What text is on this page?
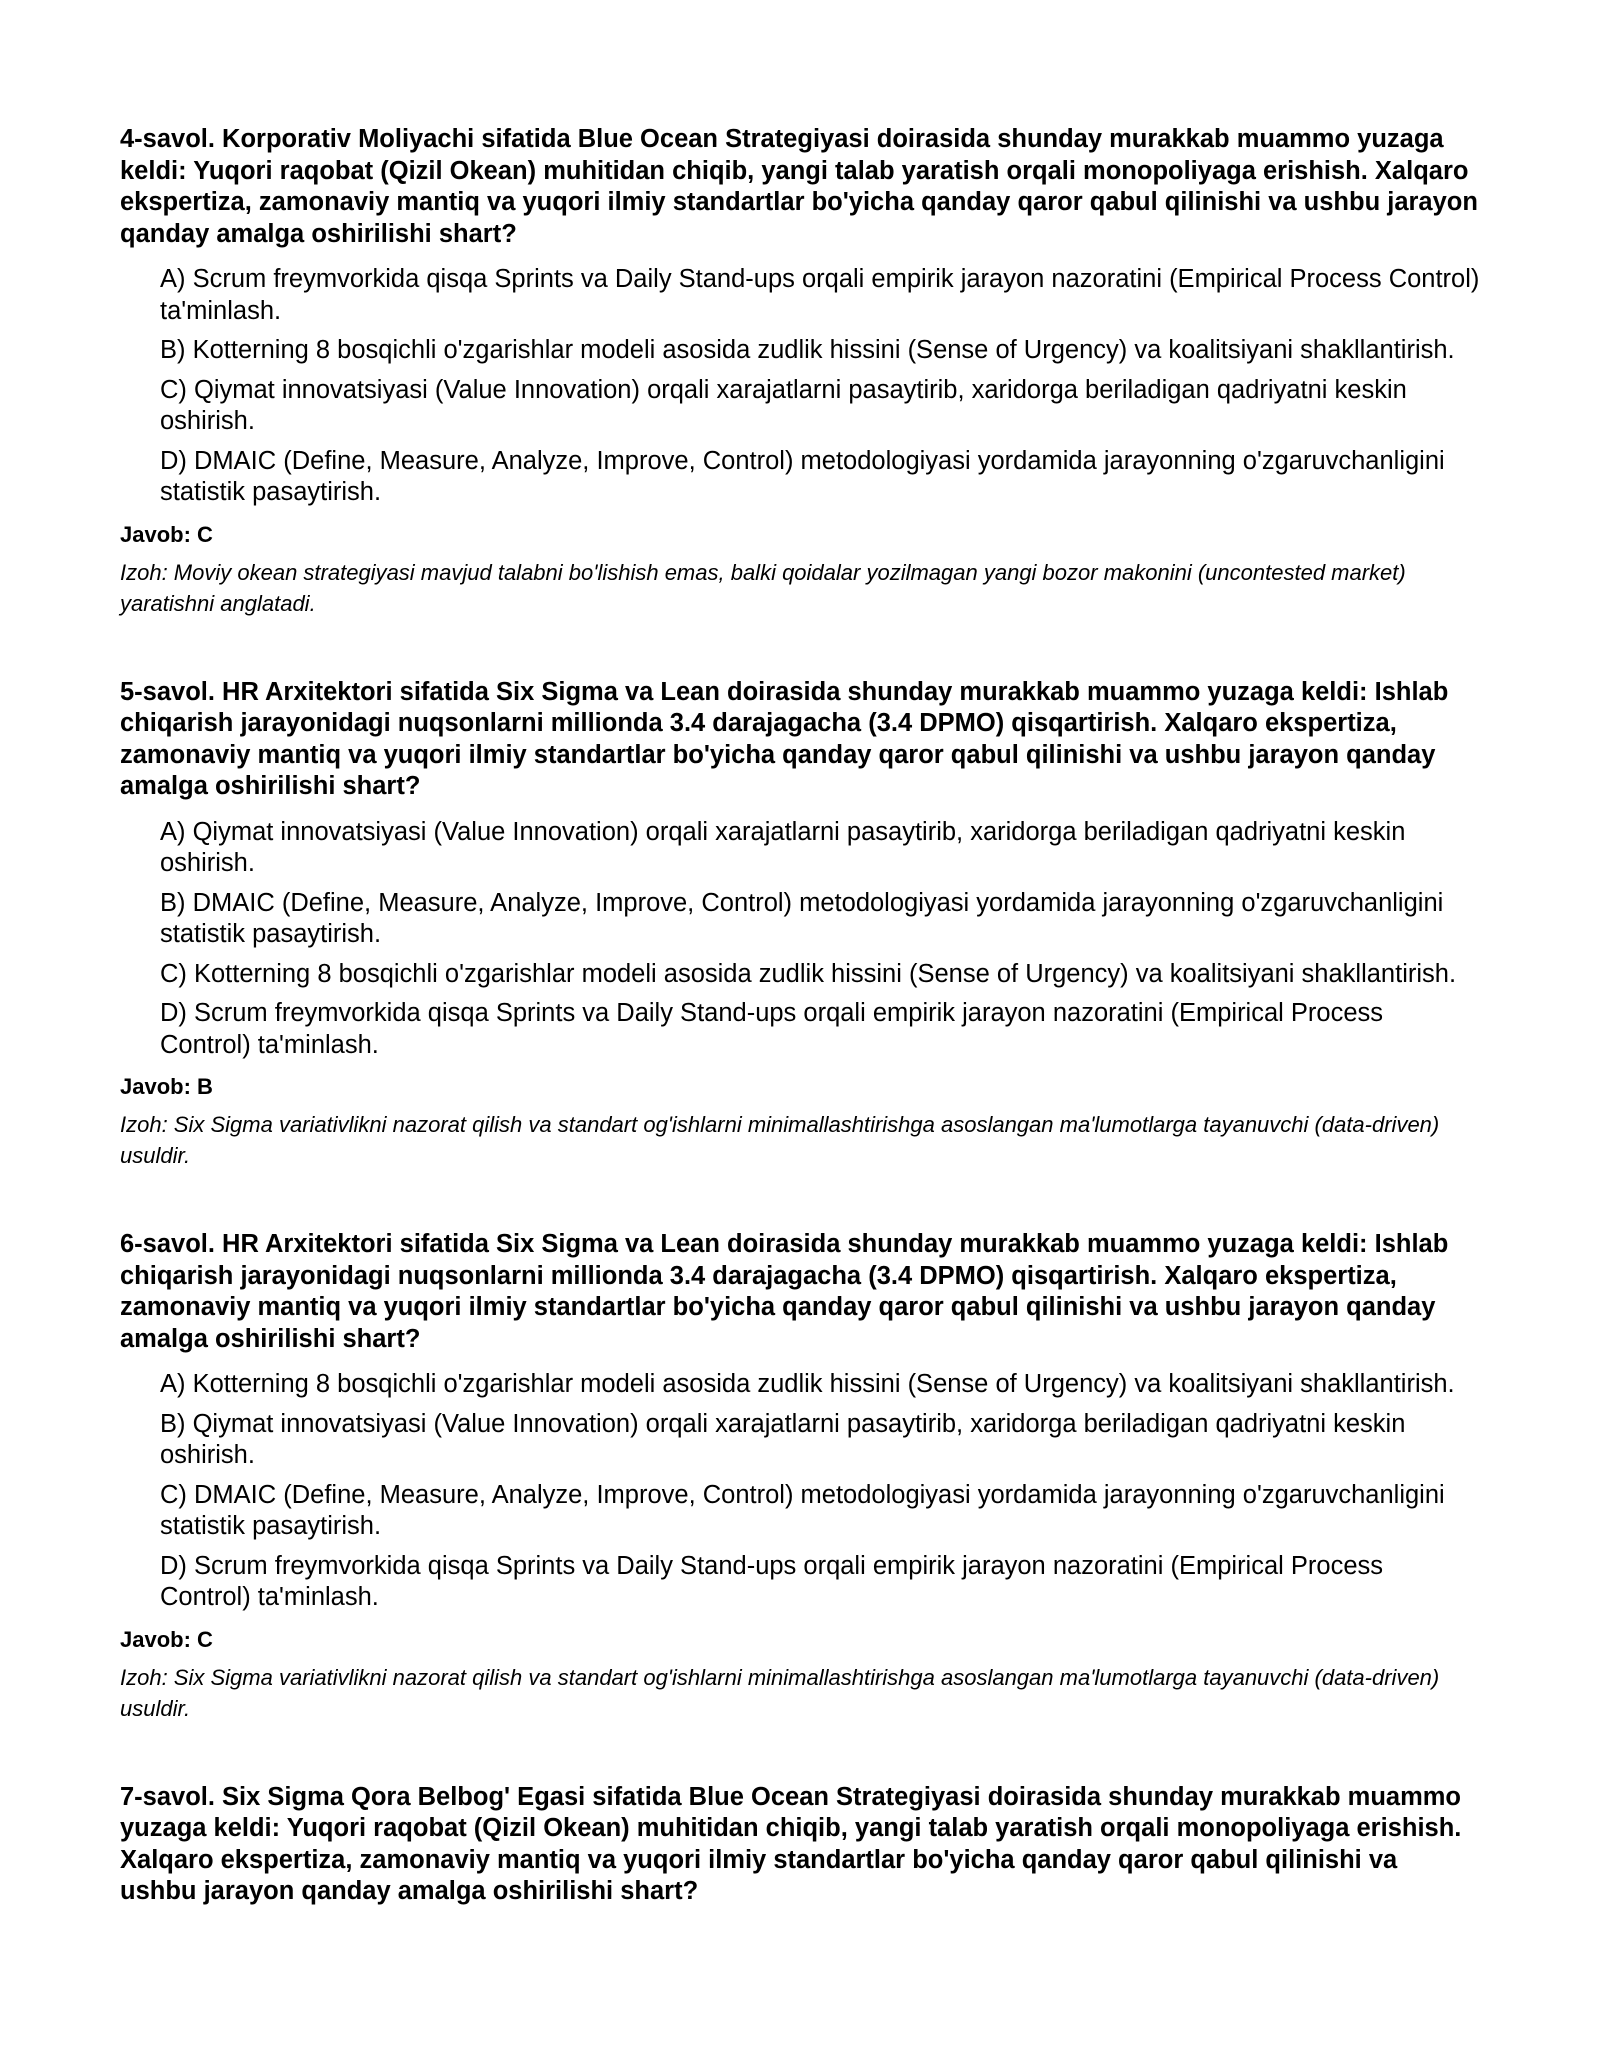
4-savol. Korporativ Moliyachi sifatida Blue Ocean Strategiyasi doirasida shunday murakkab muammo yuzaga keldi: Yuqori raqobat (Qizil Okean) muhitidan chiqib, yangi talab yaratish orqali monopoliyaga erishish. Xalqaro ekspertiza, zamonaviy mantiq va yuqori ilmiy standartlar bo'yicha qanday qaror qabul qilinishi va ushbu jarayon qanday amalga oshirilishi shart?

A) Scrum freymvorkida qisqa Sprints va Daily Stand-ups orqali empirik jarayon nazoratini (Empirical Process Control) ta'minlash.
B) Kotterning 8 bosqichli o'zgarishlar modeli asosida zudlik hissini (Sense of Urgency) va koalitsiyani shakllantirish.
C) Qiymat innovatsiyasi (Value Innovation) orqali xarajatlarni pasaytirib, xaridorga beriladigan qadriyatni keskin oshirish.
D) DMAIC (Define, Measure, Analyze, Improve, Control) metodologiyasi yordamida jarayonning o'zgaruvchanligini statistik pasaytirish.

Javob: C

Izoh: Moviy okean strategiyasi mavjud talabni bo'lishish emas, balki qoidalar yozilmagan yangi bozor makonini (uncontested market) yaratishni anglatadi.

5-savol. HR Arxitektori sifatida Six Sigma va Lean doirasida shunday murakkab muammo yuzaga keldi: Ishlab chiqarish jarayonidagi nuqsonlarni millionda 3.4 darajagacha (3.4 DPMO) qisqartirish. Xalqaro ekspertiza, zamonaviy mantiq va yuqori ilmiy standartlar bo'yicha qanday qaror qabul qilinishi va ushbu jarayon qanday amalga oshirilishi shart?

A) Qiymat innovatsiyasi (Value Innovation) orqali xarajatlarni pasaytirib, xaridorga beriladigan qadriyatni keskin oshirish.
B) DMAIC (Define, Measure, Analyze, Improve, Control) metodologiyasi yordamida jarayonning o'zgaruvchanligini statistik pasaytirish.
C) Kotterning 8 bosqichli o'zgarishlar modeli asosida zudlik hissini (Sense of Urgency) va koalitsiyani shakllantirish.
D) Scrum freymvorkida qisqa Sprints va Daily Stand-ups orqali empirik jarayon nazoratini (Empirical Process Control) ta'minlash.

Javob: B

Izoh: Six Sigma variativlikni nazorat qilish va standart og'ishlarni minimallashtirishga asoslangan ma'lumotlarga tayanuvchi (data-driven) usuldir.

6-savol. HR Arxitektori sifatida Six Sigma va Lean doirasida shunday murakkab muammo yuzaga keldi: Ishlab chiqarish jarayonidagi nuqsonlarni millionda 3.4 darajagacha (3.4 DPMO) qisqartirish. Xalqaro ekspertiza, zamonaviy mantiq va yuqori ilmiy standartlar bo'yicha qanday qaror qabul qilinishi va ushbu jarayon qanday amalga oshirilishi shart?

A) Kotterning 8 bosqichli o'zgarishlar modeli asosida zudlik hissini (Sense of Urgency) va koalitsiyani shakllantirish.
B) Qiymat innovatsiyasi (Value Innovation) orqali xarajatlarni pasaytirib, xaridorga beriladigan qadriyatni keskin oshirish.
C) DMAIC (Define, Measure, Analyze, Improve, Control) metodologiyasi yordamida jarayonning o'zgaruvchanligini statistik pasaytirish.
D) Scrum freymvorkida qisqa Sprints va Daily Stand-ups orqali empirik jarayon nazoratini (Empirical Process Control) ta'minlash.

Javob: C

Izoh: Six Sigma variativlikni nazorat qilish va standart og'ishlarni minimallashtirishga asoslangan ma'lumotlarga tayanuvchi (data-driven) usuldir.

7-savol. Six Sigma Qora Belbog' Egasi sifatida Blue Ocean Strategiyasi doirasida shunday murakkab muammo yuzaga keldi: Yuqori raqobat (Qizil Okean) muhitidan chiqib, yangi talab yaratish orqali monopoliyaga erishish. Xalqaro ekspertiza, zamonaviy mantiq va yuqori ilmiy standartlar bo'yicha qanday qaror qabul qilinishi va ushbu jarayon qanday amalga oshirilishi shart?
